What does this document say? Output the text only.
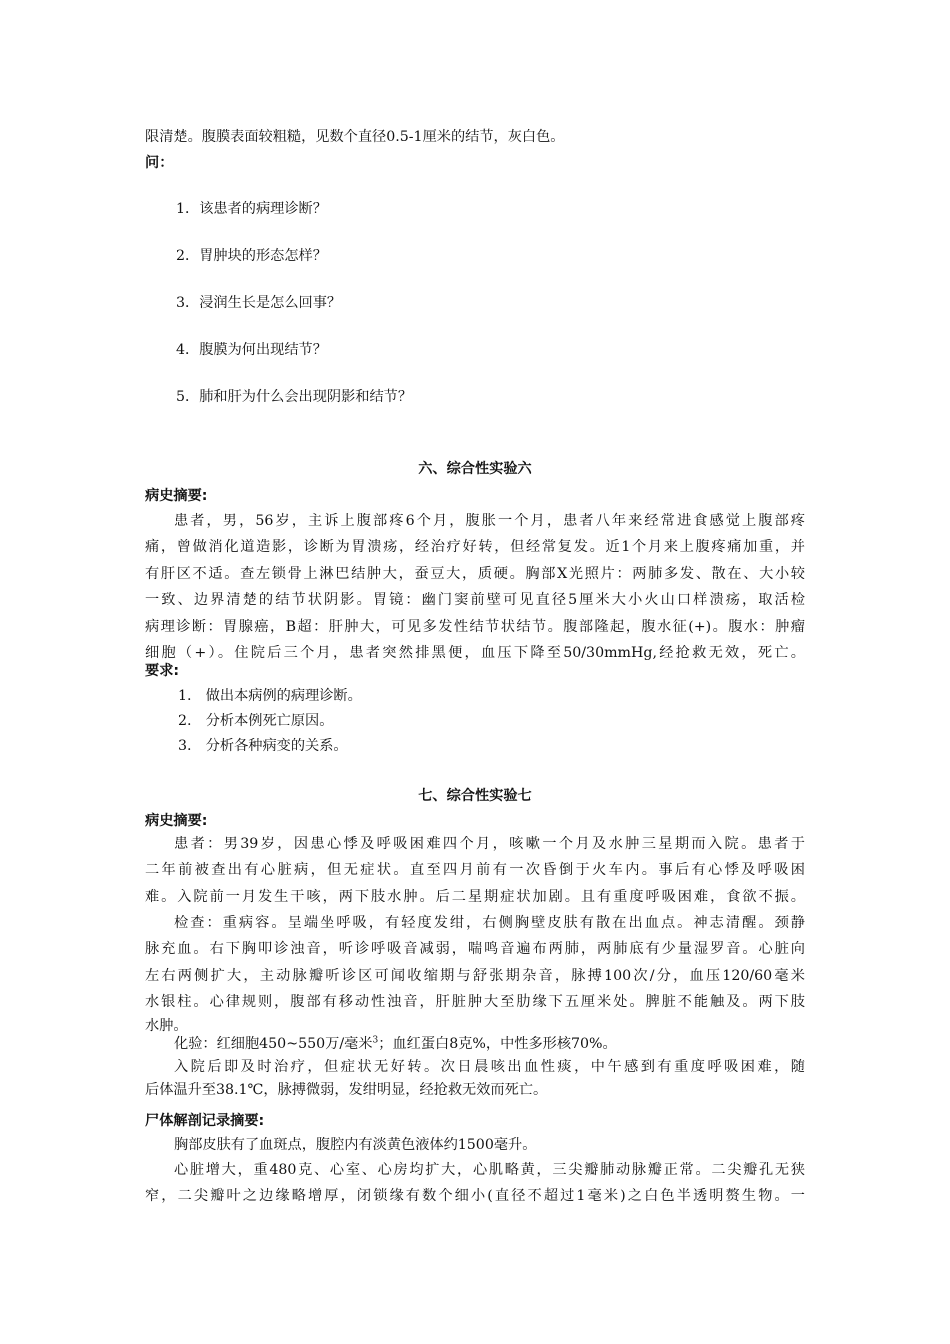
限清楚。腹膜表面较粗糙，见数个直径0.5-1厘米的结节，灰白色。
问：
1．该患者的病理诊断？
2．胃肿块的形态怎样？
3．浸润生长是怎么回事？
4．腹膜为何出现结节？
5．肺和肝为什么会出现阴影和结节？
六、综合性实验六
病史摘要:
患者，男，56岁，主诉上腹部疼6个月，腹胀一个月，患者八年来经常进食感觉上腹部疼
痛，曾做消化道造影，诊断为胃溃疡，经治疗好转，但经常复发。近1个月来上腹疼痛加重，并
有肝区不适。查左锁骨上淋巴结肿大，蚕豆大，质硬。胸部X光照片：两肺多发、散在、大小较
一致、边界清楚的结节状阴影。胃镜：幽门窦前壁可见直径5厘米大小火山口样溃疡，取活检
病理诊断：胃腺癌，B超：肝肿大，可见多发性结节状结节。腹部隆起，腹水征(+)。腹水：肿瘤
细胞（+）。住院后三个月，患者突然排黑便，血压下降至50/30mmHg,经抢救无效，死亡。
要求:
1.　做出本病例的病理诊断。
2.　分析本例死亡原因。
3.　分析各种病变的关系。
七、综合性实验七
病史摘要:
患者：男39岁，因患心悸及呼吸困难四个月，咳嗽一个月及水肿三星期而入院。患者于
二年前被查出有心脏病，但无症状。直至四月前有一次昏倒于火车内。事后有心悸及呼吸困
难。入院前一月发生干咳，两下肢水肿。后二星期症状加剧。且有重度呼吸困难，食欲不振。
检查：重病容。呈端坐呼吸，有轻度发绀，右侧胸壁皮肤有散在出血点。神志清醒。颈静
脉充血。右下胸叩诊浊音，听诊呼吸音减弱，喘鸣音遍布两肺，两肺底有少量湿罗音。心脏向
左右两侧扩大，主动脉瓣听诊区可闻收缩期与舒张期杂音，脉搏100次/分，血压120/60毫米
水银柱。心律规则，腹部有移动性浊音，肝脏肿大至肋缘下五厘米处。脾脏不能触及。两下肢
水肿。
化验：红细胞450~550万/毫米$^3$；血红蛋白8克%，中性多形核70%。
入院后即及时治疗，但症状无好转。次日晨咳出血性痰，中午感到有重度呼吸困难，随
后体温升至38.1℃，脉搏微弱，发绀明显，经抢救无效而死亡。
尸体解剖记录摘要:
胸部皮肤有了血斑点，腹腔内有淡黄色液体约1500毫升。
心脏增大，重480克、心室、心房均扩大，心肌略黄，三尖瓣肺动脉瓣正常。二尖瓣孔无狭
窄，二尖瓣叶之边缘略增厚，闭锁缘有数个细小(直径不超过1毫米)之白色半透明赘生物。一
